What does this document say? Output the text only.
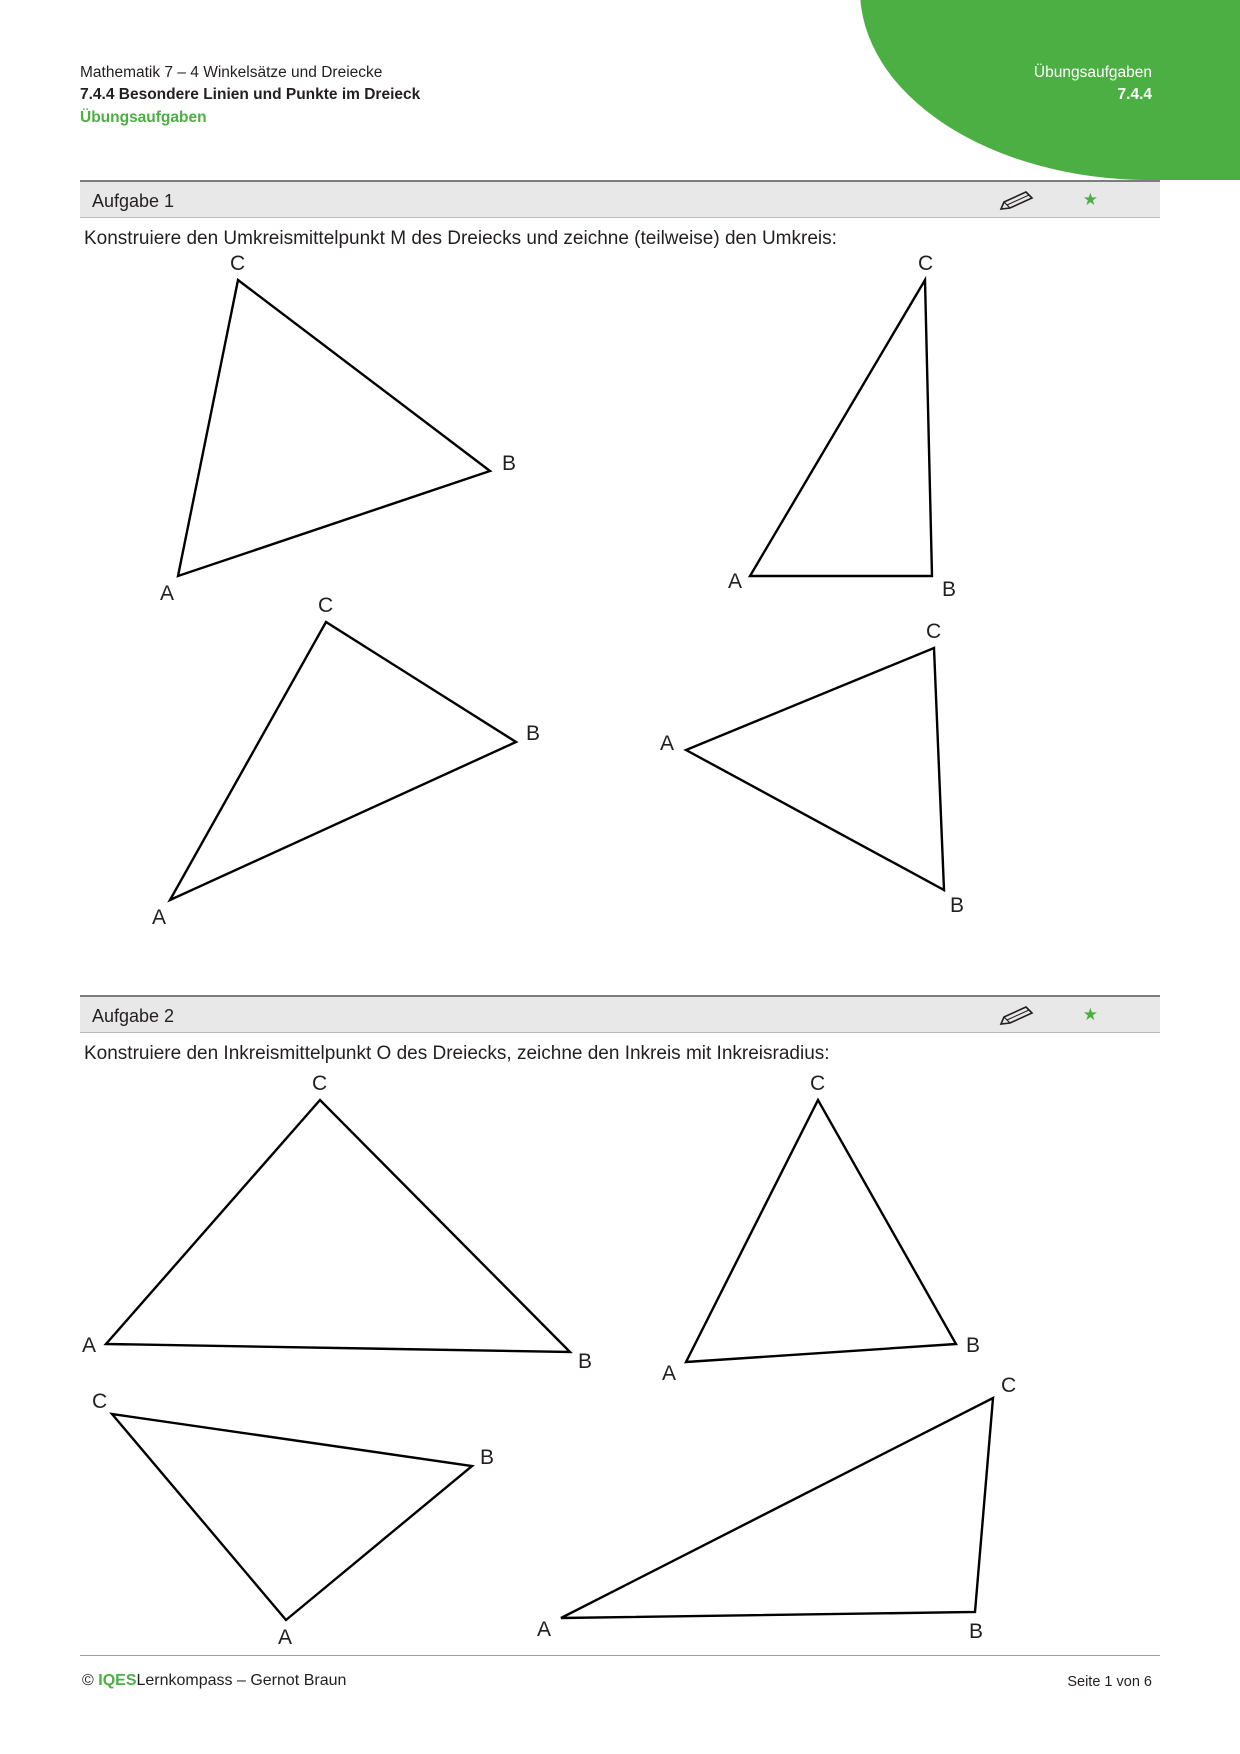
Mathematik 7 – 4 Winkelsätze und Dreiecke
7.4.4 Besondere Linien und Punkte im Dreieck
Übungsaufgaben
Übungsaufgaben
7.4.4
Aufgabe 1	★
Konstruiere den Umkreismittelpunkt M des Dreiecks und zeichne (teilweise) den Umkreis:
A
B
C
A	B
C
A
B
C
A
B
C
Aufgabe 2	★
Konstruiere den Inkreismittelpunkt O des Dreiecks, zeichne den Inkreis mit Inkreisradius:
A
B
C
A
B
C
A
B
C
A	B
C
© IQESLernkompass – Gernot Braun	Seite 1 von 6
